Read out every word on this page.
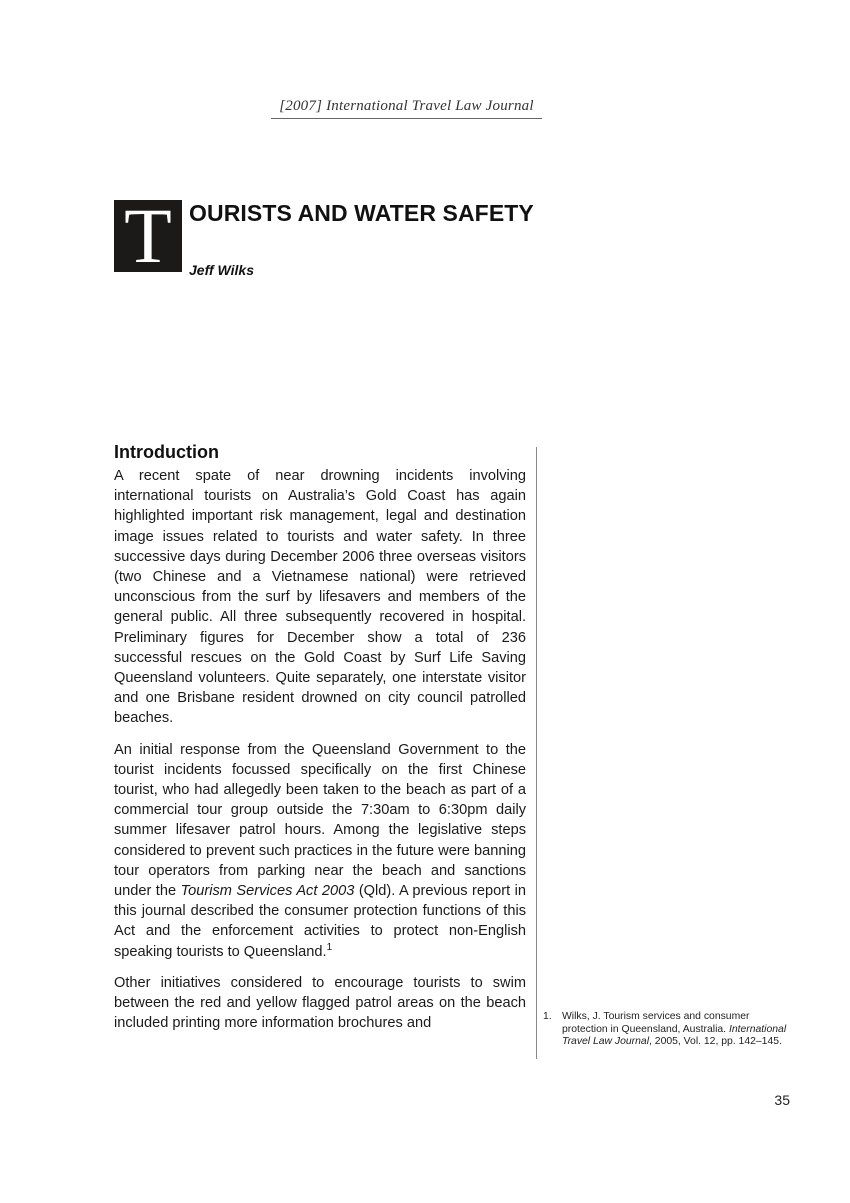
[2007] International Travel Law Journal
T OURISTS AND WATER SAFETY
Jeff Wilks
Introduction

A recent spate of near drowning incidents involving international tourists on Australia’s Gold Coast has again highlighted important risk management, legal and destination image issues related to tourists and water safety. In three successive days during December 2006 three overseas visitors (two Chinese and a Vietnamese national) were retrieved unconscious from the surf by lifesavers and members of the general public. All three subsequently recovered in hospital. Preliminary figures for December show a total of 236 successful rescues on the Gold Coast by Surf Life Saving Queensland volunteers. Quite separately, one interstate visitor and one Brisbane resident drowned on city council patrolled beaches.

An initial response from the Queensland Government to the tourist incidents focussed specifically on the first Chinese tourist, who had allegedly been taken to the beach as part of a commercial tour group outside the 7:30am to 6:30pm daily summer lifesaver patrol hours. Among the legislative steps considered to prevent such practices in the future were banning tour operators from parking near the beach and sanctions under the Tourism Services Act 2003 (Qld). A previous report in this journal described the consumer protection functions of this Act and the enforcement activities to protect non-English speaking tourists to Queensland.$^1$

Other initiatives considered to encourage tourists to swim between the red and yellow flagged patrol areas on the beach included printing more information brochures and	1. Wilks, J. Tourism services and consumer protection in Queensland, Australia. International Travel Law Journal, 2005, Vol. 12, pp. 142–145.
35
